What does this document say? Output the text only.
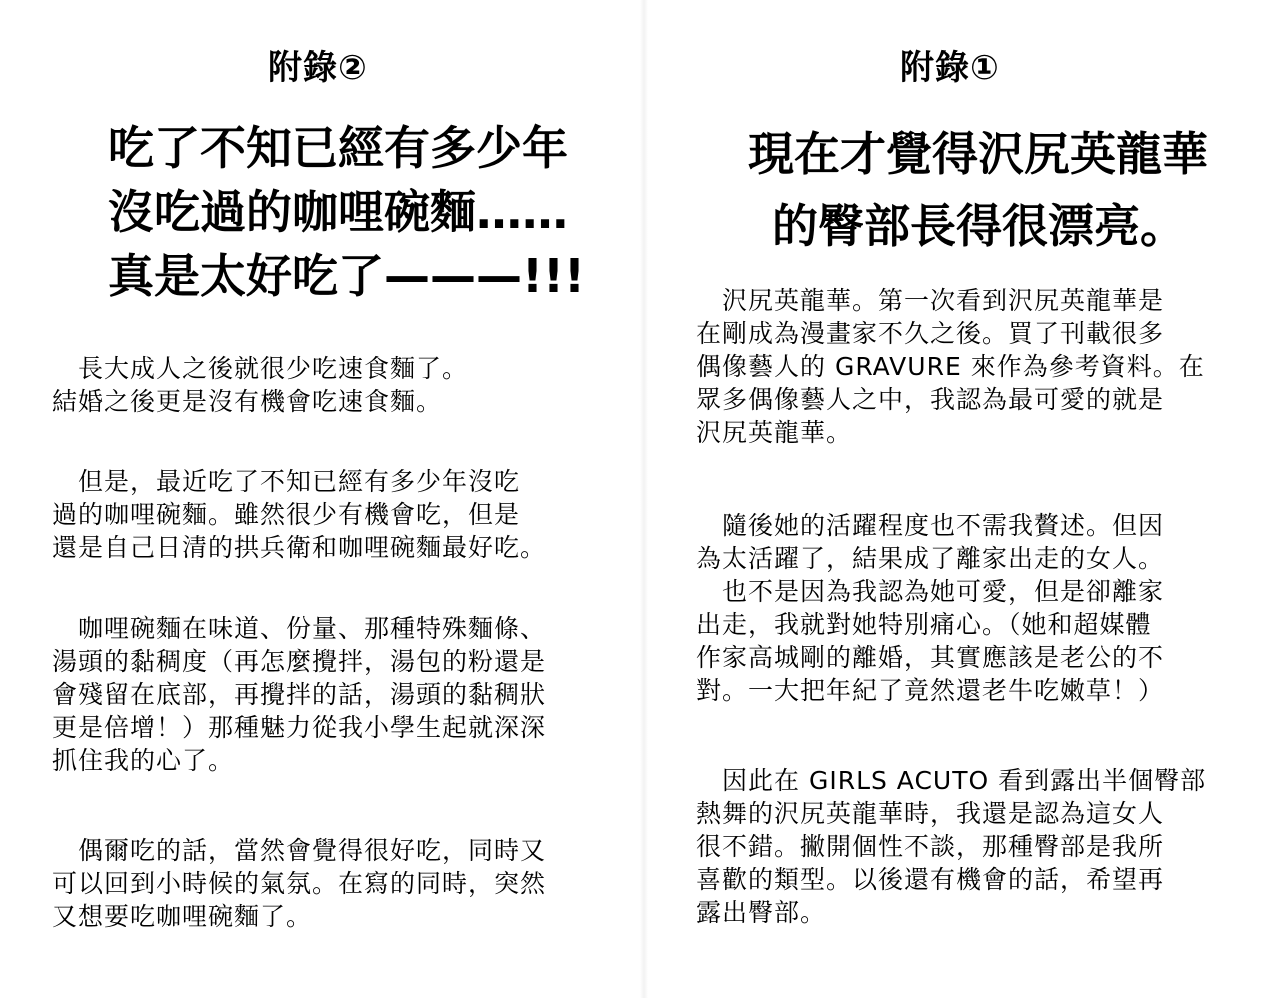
附錄②
吃了不知已經有多少年
沒吃過的咖哩碗麵……
真是太好吃了———!!!

　長大成人之後就很少吃速食麵了。
結婚之後更是沒有機會吃速食麵。

　但是，最近吃了不知已經有多少年沒吃
過的咖哩碗麵。雖然很少有機會吃，但是
還是自己日清的拱兵衛和咖哩碗麵最好吃。

　咖哩碗麵在味道、份量、那種特殊麵條、
湯頭的黏稠度（再怎麼攪拌，湯包的粉還是
會殘留在底部，再攪拌的話，湯頭的黏稠狀
更是倍增！）那種魅力從我小學生起就深深
抓住我的心了。

　偶爾吃的話，當然會覺得很好吃，同時又
可以回到小時候的氣氛。在寫的同時，突然
又想要吃咖哩碗麵了。

附錄①
現在才覺得沢尻英龍華
的臀部長得很漂亮。

　沢尻英龍華。第一次看到沢尻英龍華是
在剛成為漫畫家不久之後。買了刊載很多
偶像藝人的 GRAVURE 來作為參考資料。在
眾多偶像藝人之中，我認為最可愛的就是
沢尻英龍華。

　隨後她的活躍程度也不需我贅述。但因
為太活躍了，結果成了離家出走的女人。
　也不是因為我認為她可愛，但是卻離家
出走，我就對她特別痛心。（她和超媒體
作家高城剛的離婚，其實應該是老公的不
對。一大把年紀了竟然還老牛吃嫩草！）

　因此在 GIRLS ACUTO 看到露出半個臀部
熱舞的沢尻英龍華時，我還是認為這女人
很不錯。撇開個性不談，那種臀部是我所
喜歡的類型。以後還有機會的話，希望再
露出臀部。
